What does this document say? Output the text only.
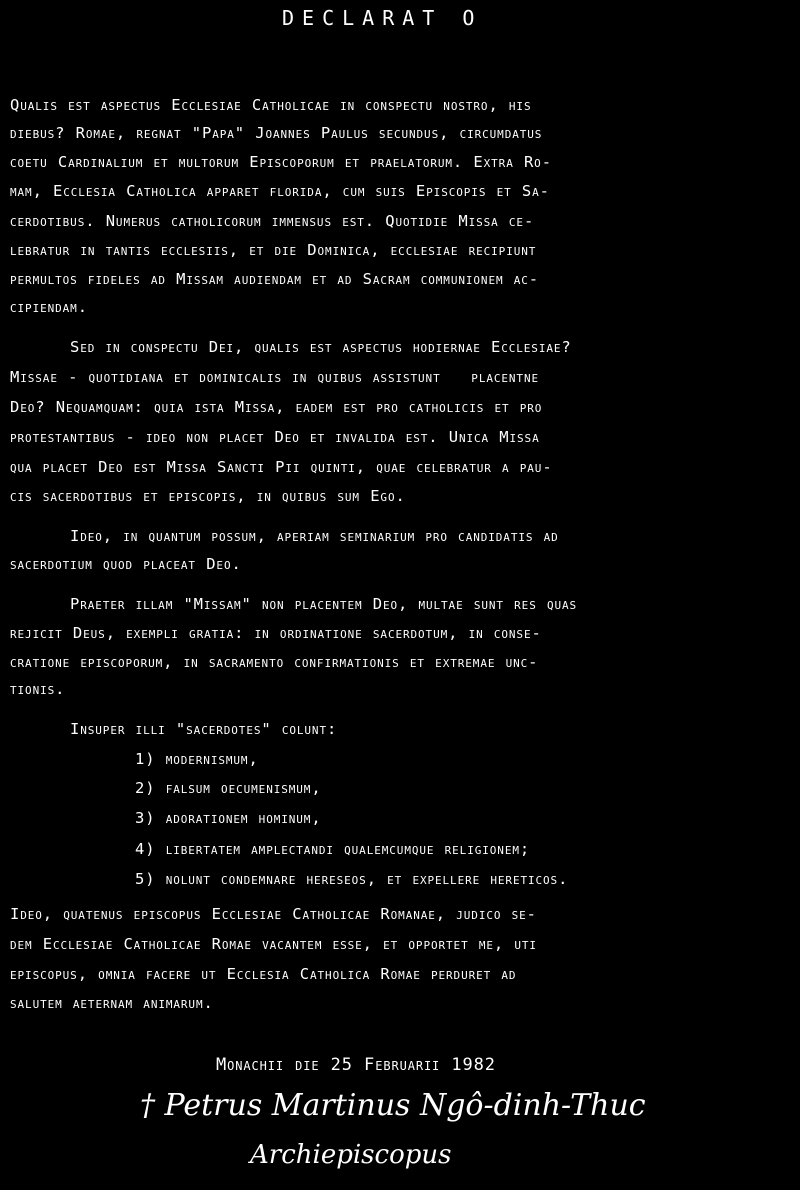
DECLARAT O
Qualis est aspectus Ecclesiae Catholicae in conspectu nostro, his
diebus? Romae, regnat "Papa" Joannes Paulus secundus, circumdatus
coetu Cardinalium et multorum Episcoporum et praelatorum. Extra Ro-
mam, Ecclesia Catholica apparet florida, cum suis Episcopis et Sa-
cerdotibus. Numerus catholicorum immensus est. Quotidie Missa ce-
lebratur in tantis ecclesiis, et die Dominica, ecclesiae recipiunt
permultos fideles ad Missam audiendam et ad Sacram communionem ac-
cipiendam.
Sed in conspectu Dei, qualis est aspectus hodiernae Ecclesiae?
Missae - quotidiana et dominicalis in quibus assistunt   placentne
Deo? Nequamquam: quia ista Missa, eadem est pro catholicis et pro
protestantibus - ideo non placet Deo et invalida est. Unica Missa
qua placet Deo est Missa Sancti Pii quinti, quae celebratur a pau-
cis sacerdotibus et episcopis, in quibus sum Ego.
Ideo, in quantum possum, aperiam seminarium pro candidatis ad
sacerdotium quod placeat Deo.
Praeter illam "Missam" non placentem Deo, multae sunt res quas
rejicit Deus, exempli gratia: in ordinatione sacerdotum, in conse-
cratione episcoporum, in sacramento confirmationis et extremae unc-
tionis.
Insuper illi "sacerdotes" colunt:
1) modernismum,
2) falsum oecumenismum,
3) adorationem hominum,
4) libertatem amplectandi qualemcumque religionem;
5) nolunt condemnare hereseos, et expellere hereticos.
Ideo, quatenus episcopus Ecclesiae Catholicae Romanae, judico se-
dem Ecclesiae Catholicae Romae vacantem esse, et opportet me, uti
episcopus, omnia facere ut Ecclesia Catholica Romae perduret ad
salutem aeternam animarum.
Monachii die 25 Februarii 1982
† Petrus Martinus Ngô-dinh-Thuc
Archiepiscopus
